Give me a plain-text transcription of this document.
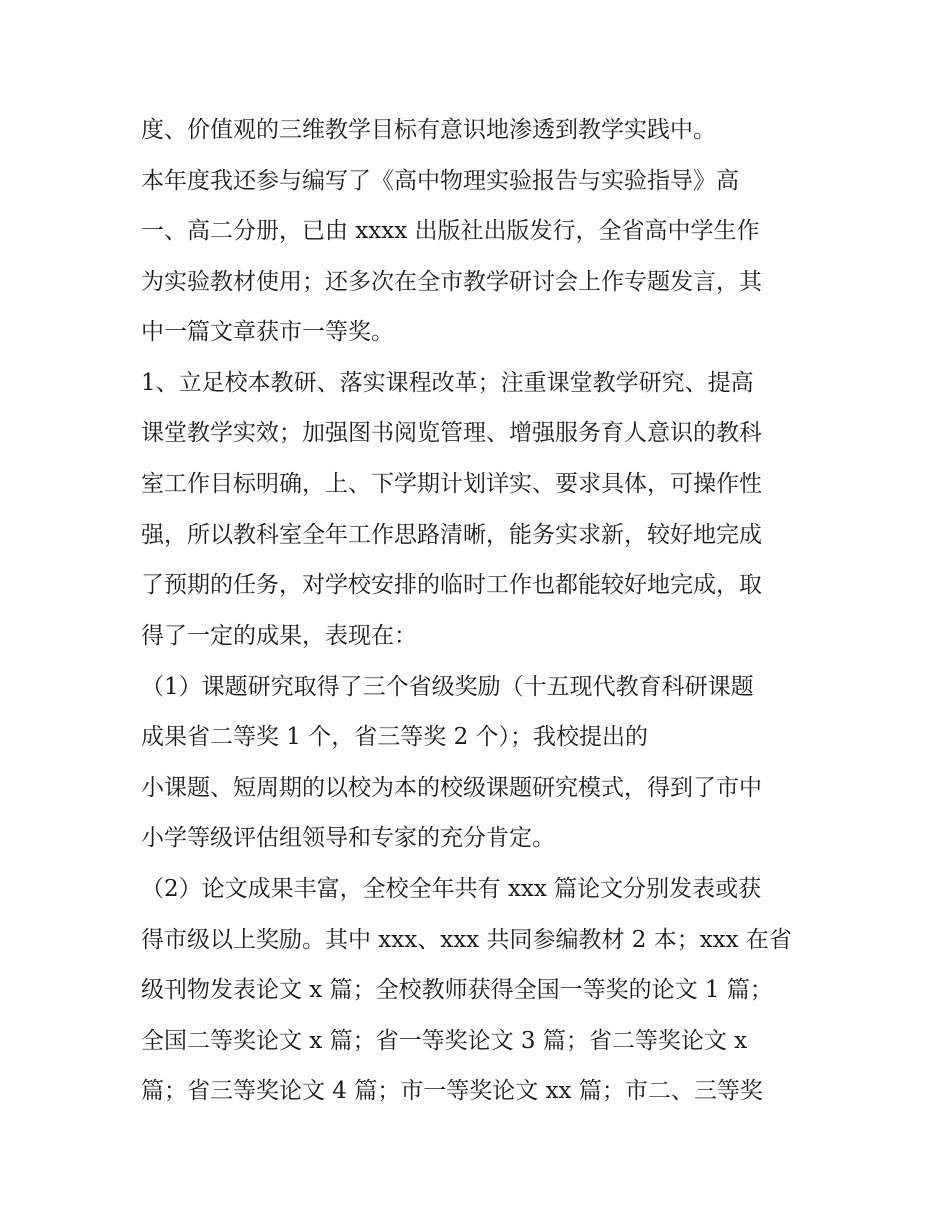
度、价值观的三维教学目标有意识地渗透到教学实践中。
本年度我还参与编写了《高中物理实验报告与实验指导》高
一、高二分册，已由 xxxx 出版社出版发行，全省高中学生作
为实验教材使用；还多次在全市教学研讨会上作专题发言，其
中一篇文章获市一等奖。
1、立足校本教研、落实课程改革；注重课堂教学研究、提高
课堂教学实效；加强图书阅览管理、增强服务育人意识的教科
室工作目标明确，上、下学期计划详实、要求具体，可操作性
强，所以教科室全年工作思路清晰，能务实求新，较好地完成
了预期的任务，对学校安排的临时工作也都能较好地完成，取
得了一定的成果，表现在：
（1）课题研究取得了三个省级奖励（十五现代教育科研课题
成果省二等奖 1 个，省三等奖 2 个）；我校提出的
小课题、短周期的以校为本的校级课题研究模式，得到了市中
小学等级评估组领导和专家的充分肯定。
（2）论文成果丰富，全校全年共有 xxx 篇论文分别发表或获
得市级以上奖励。其中 xxx、xxx 共同参编教材 2 本；xxx 在省
级刊物发表论文 x 篇；全校教师获得全国一等奖的论文 1 篇；
全国二等奖论文 x 篇；省一等奖论文 3 篇；省二等奖论文 x
篇；省三等奖论文 4 篇；市一等奖论文 xx 篇；市二、三等奖
